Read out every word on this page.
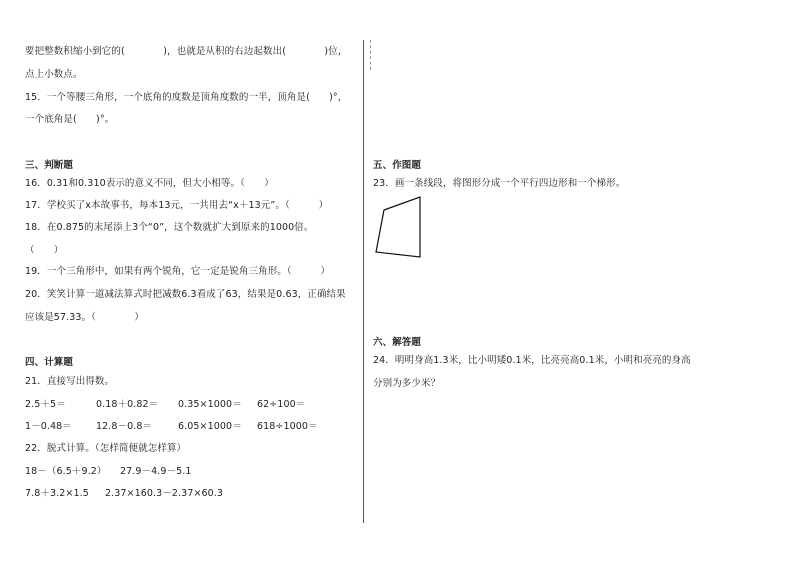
要把整数积缩小到它的(　　　　)，也就是从积的右边起数出(　　　　)位，
点上小数点。
15．一个等腰三角形，一个底角的度数是顶角度数的一半，顶角是(　　)°，
一个底角是(　　)°。
三、判断题
16．0.31和0.310表示的意义不同，但大小相等。（　　）
17．学校买了x本故事书，每本13元，一共用去“x＋13元”。（　　　）
18．在0.875的末尾添上3个“0”，这个数就扩大到原来的1000倍。
（　　）
19．一个三角形中，如果有两个锐角，它一定是锐角三角形。（　　　）
20．笑笑计算一道减法算式时把减数6.3看成了63，结果是0.63，正确结果
应该是57.33。（　　　　）
四、计算题
21．直接写出得数。
2.5＋5＝	0.18＋0.82＝ 0.35×1000＝ 62÷100＝
1－0.48＝	12.8－0.8＝	6.05×1000＝ 618÷1000＝
22．脱式计算。（怎样简便就怎样算）
18－（6.5＋9.2） 27.9－4.9－5.1
7.8＋3.2×1.5 2.37×160.3－2.37×60.3
五、作图题
23．画一条线段，将图形分成一个平行四边形和一个梯形。
六、解答题
24．明明身高1.3米，比小明矮0.1米，比亮亮高0.1米，小明和亮亮的身高
分别为多少米？
